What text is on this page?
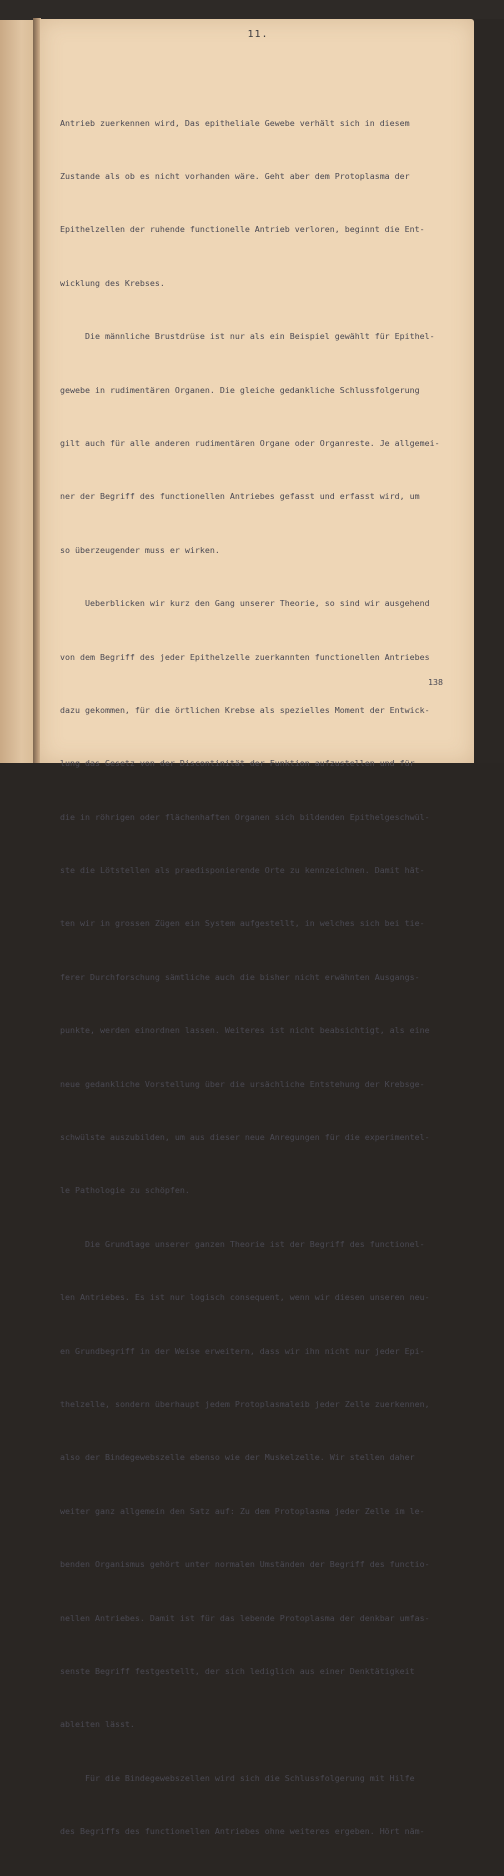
11.

Antrieb zuerkennen wird, Das epitheliale Gewebe verhält sich in diesem

Zustande als ob es nicht vorhanden wäre. Geht aber dem Protoplasma der

Epithelzellen der ruhende functionelle Antrieb verloren, beginnt die Ent-

wicklung des Krebses.

Die männliche Brustdrüse ist nur als ein Beispiel gewählt für Epithel-

gewebe in rudimentären Organen. Die gleiche gedankliche Schlussfolgerung

gilt auch für alle anderen rudimentären Organe oder Organreste. Je allgemei-

ner der Begriff des functionellen Antriebes gefasst und erfasst wird, um

so überzeugender muss er wirken.

Ueberblicken wir kurz den Gang unserer Theorie, so sind wir ausgehend

von dem Begriff des jeder Epithelzelle zuerkannten functionellen Antriebes

dazu gekommen, für die örtlichen Krebse als spezielles Moment der Entwick-

lung das Gesetz von der Discontinität der Funktion aufzustellen und für

die in röhrigen oder flächenhaften Organen sich bildenden Epithelgeschwül-

ste die Lötstellen als praedisponierende Orte zu kennzeichnen. Damit hät-

ten wir in grossen Zügen ein System aufgestellt, in welches sich bei tie-

ferer Durchforschung sämtliche auch die bisher nicht erwähnten Ausgangs-

punkte, werden einordnen lassen. Weiteres ist nicht beabsichtigt, als eine

neue gedankliche Vorstellung über die ursächliche Entstehung der Krebsge-

schwülste auszubilden, um aus dieser neue Anregungen für die experimentel-

le Pathologie zu schöpfen.

Die Grundlage unserer ganzen Theorie ist der Begriff des functionel-

len Antriebes. Es ist nur logisch consequent, wenn wir diesen unseren neu-

en Grundbegriff in der Weise erweitern, dass wir ihn nicht nur jeder Epi-

thelzelle, sondern überhaupt jedem Protoplasmaleib jeder Zelle zuerkennen,

also der Bindegewebszelle ebenso wie der Muskelzelle. Wir stellen daher

weiter ganz allgemein den Satz auf: Zu dem Protoplasma jeder Zelle im le-

benden Organismus gehört unter normalen Umständen der Begriff des functio-

nellen Antriebes. Damit ist für das lebende Protoplasma der denkbar umfas-

senste Begriff festgestellt, der sich lediglich aus einer Denktätigkeit

ableiten lässt.

Für die Bindegewebszellen wird sich die Schlussfolgerung mit Hilfe

des Begriffs des functionellen Antriebes ohne weiteres ergeben. Hört näm-

138
